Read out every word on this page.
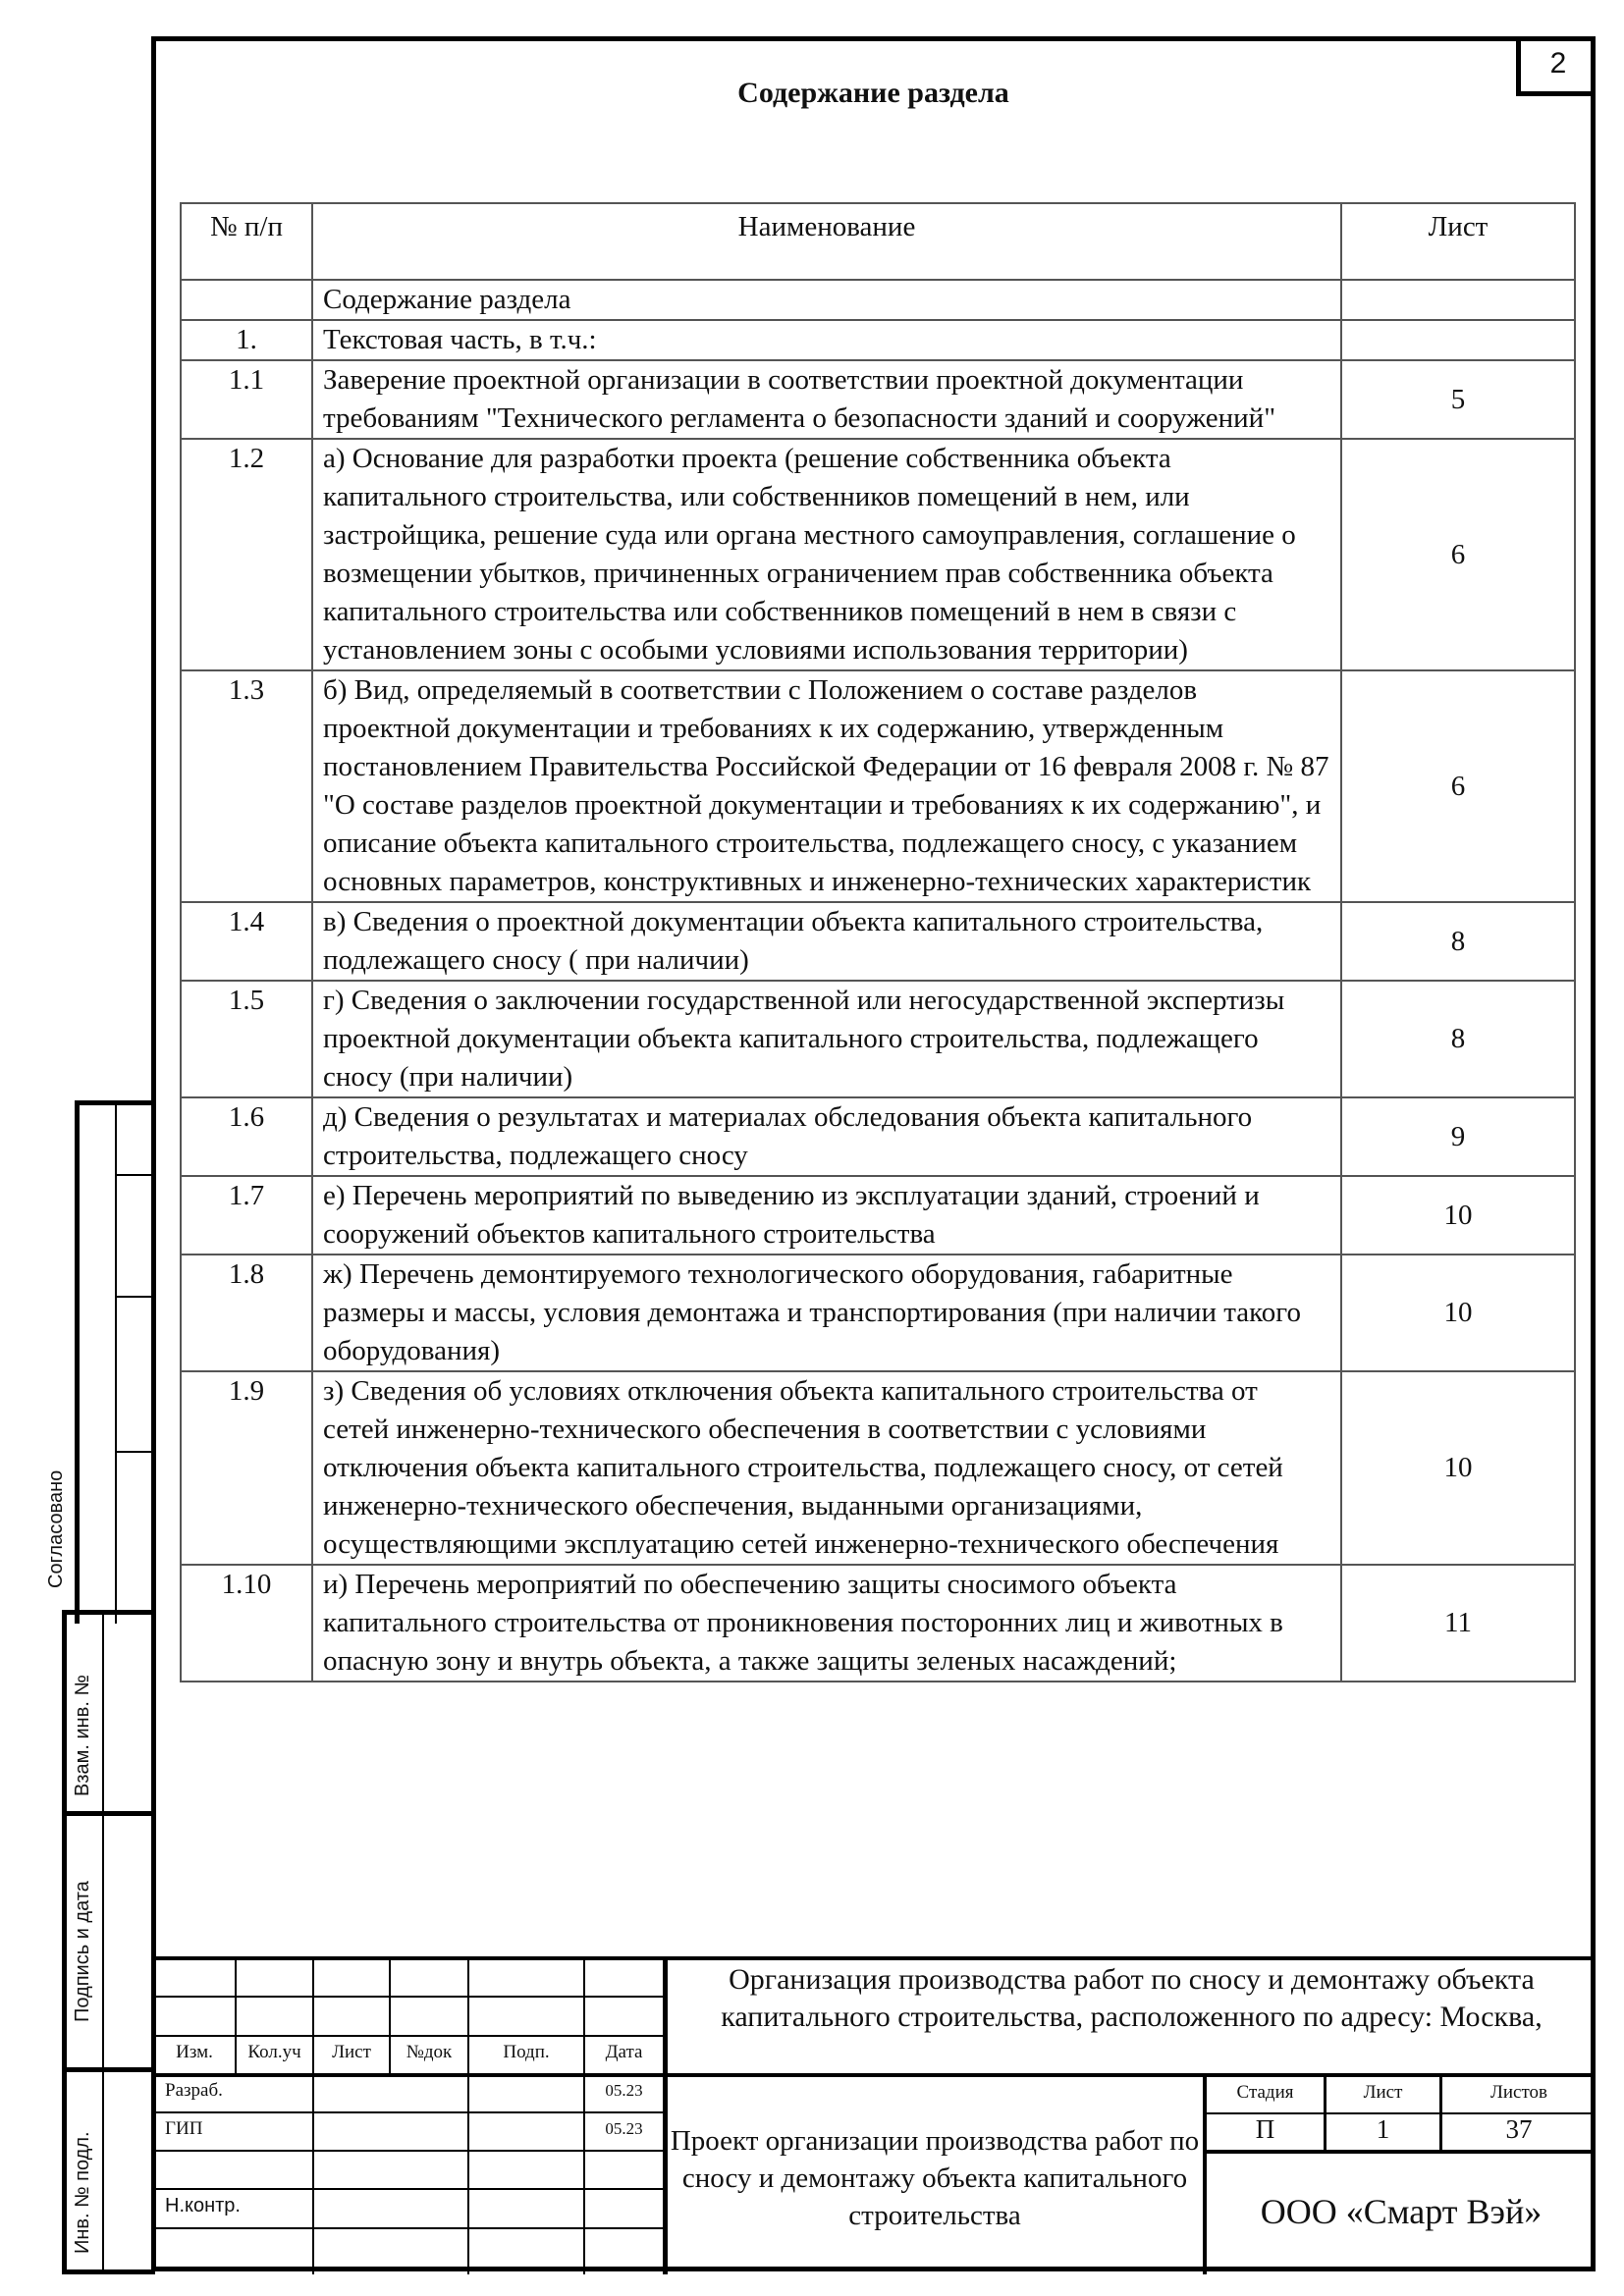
2
Содержание раздела
№ п/п	Наименование	Лист
	Содержание раздела	
1.	Текстовая часть, в т.ч.:	
1.1	Заверение проектной организации в соответствии проектной документации требованиям "Технического регламента о безопасности зданий и сооружений"	5
1.2	а) Основание для разработки проекта (решение собственника объекта капитального строительства, или собственников помещений в нем, или застройщика, решение суда или органа местного самоуправления, соглашение о возмещении убытков, причиненных ограничением прав собственника объекта капитального строительства или собственников помещений в нем в связи с установлением зоны с особыми условиями использования территории)	6
1.3	б) Вид, определяемый в соответствии с Положением о составе разделов проектной документации и требованиях к их содержанию, утвержденным постановлением Правительства Российской Федерации от 16 февраля 2008 г. № 87 "О составе разделов проектной документации и требованиях к их содержанию", и описание объекта капитального строительства, подлежащего сносу, с указанием основных параметров, конструктивных и инженерно-технических характеристик	6
1.4	в) Сведения о проектной документации объекта капитального строительства, подлежащего сносу ( при наличии)	8
1.5	г) Сведения о заключении государственной или негосударственной экспертизы проектной документации объекта капитального строительства, подлежащего сносу (при наличии)	8
1.6	д) Сведения о результатах и материалах обследования объекта капитального строительства, подлежащего сносу	9
1.7	е) Перечень мероприятий по выведению из эксплуатации зданий, строений и сооружений объектов капитального строительства	10
1.8	ж) Перечень демонтируемого технологического оборудования, габаритные размеры и массы, условия демонтажа и транспортирования (при наличии такого оборудования)	10
1.9	з) Сведения об условиях отключения объекта капитального строительства от сетей инженерно-технического обеспечения в соответствии с условиями отключения объекта капитального строительства, подлежащего сносу, от сетей инженерно-технического обеспечения, выданными организациями, осуществляющими эксплуатацию сетей инженерно-технического обеспечения	10
1.10	и) Перечень мероприятий по обеспечению защиты сносимого объекта капитального строительства от проникновения посторонних лиц и животных в опасную зону и внутрь объекта, а также защиты зеленых насаждений;	11
Согласовано
Взам. инв. №
Подпись и дата
Инв. № подл.
Изм.	Кол.уч	Лист	№док	Подп.	Дата
Разраб.	05.23
ГИП	05.23
Н.контр.
Организация производства работ по сносу и демонтажу объекта капитального строительства, расположенного по адресу: Москва,
Проект организации производства работ по сносу и демонтажу объекта капитального строительства
Стадия	Лист	Листов
П	1	37
ООО «Смарт Вэй»
